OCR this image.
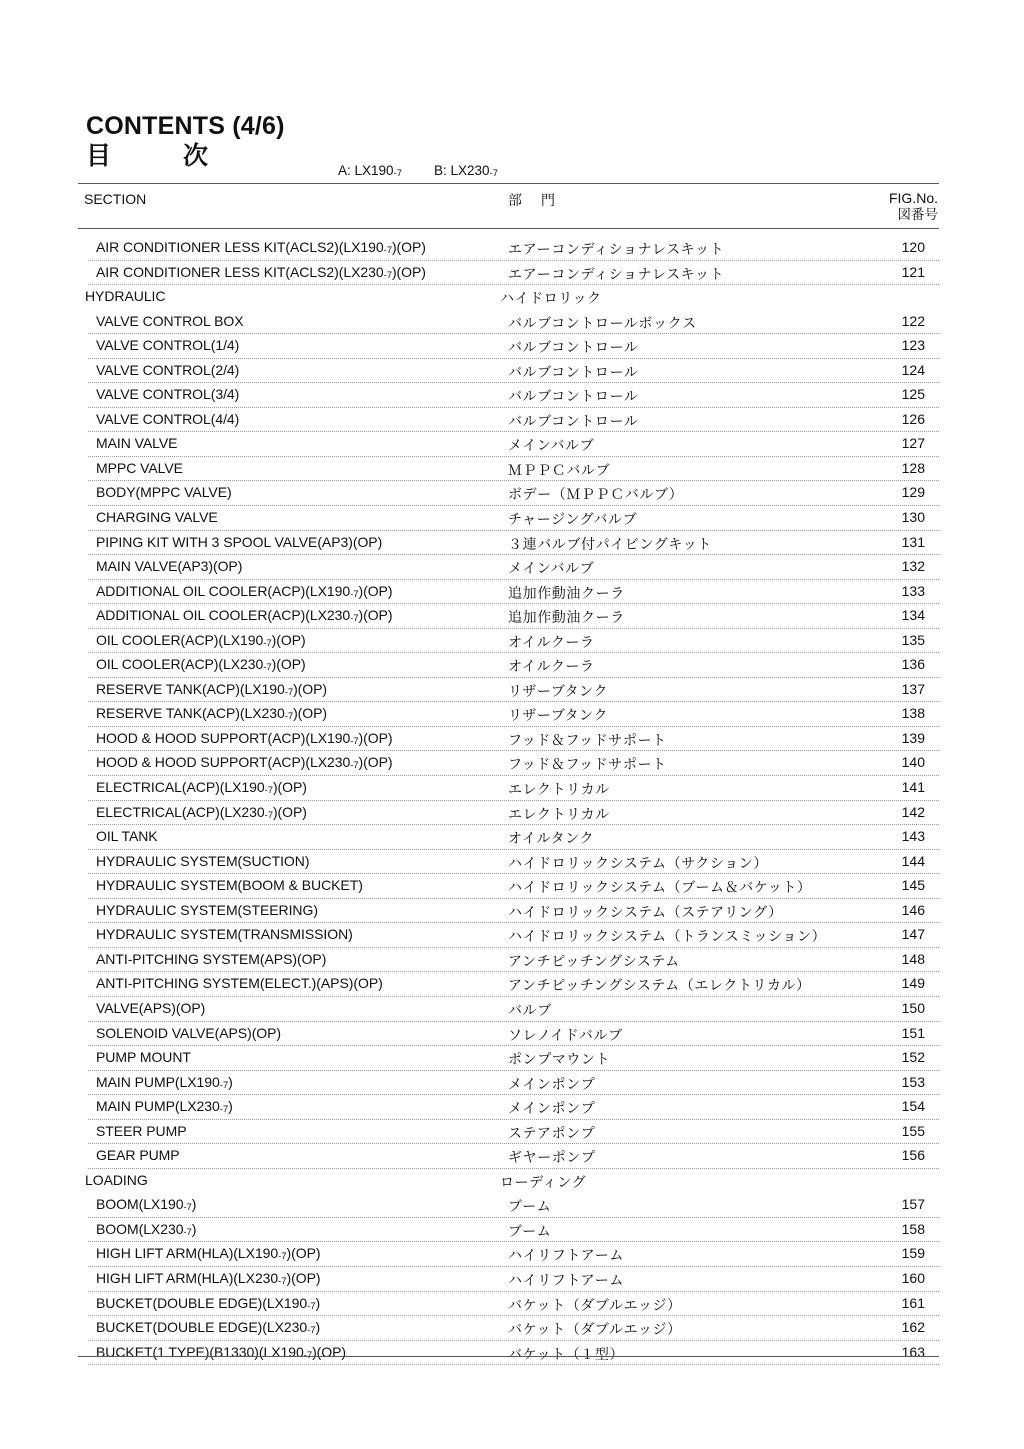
CONTENTS (4/6)
目	次
A: LX190-7 B: LX230-7
SECTION	部 門	FIG.No.
図番号
AIR CONDITIONER LESS KIT(ACLS2)(LX190-7)(OP)	エアーコンディショナレスキット	120
AIR CONDITIONER LESS KIT(ACLS2)(LX230-7)(OP)	エアーコンディショナレスキット	121
HYDRAULIC	ハイドロリック
VALVE CONTROL BOX	バルブコントロールボックス	122
VALVE CONTROL(1/4)	バルブコントロール	123
VALVE CONTROL(2/4)	バルブコントロール	124
VALVE CONTROL(3/4)	バルブコントロール	125
VALVE CONTROL(4/4)	バルブコントロール	126
MAIN VALVE	メインバルブ	127
MPPC VALVE	ＭＰＰＣバルブ	128
BODY(MPPC VALVE)	ボデー（ＭＰＰＣバルブ）	129
CHARGING VALVE	チャージングバルブ	130
PIPING KIT WITH 3 SPOOL VALVE(AP3)(OP)	３連バルブ付パイビングキット	131
MAIN VALVE(AP3)(OP)	メインバルブ	132
ADDITIONAL OIL COOLER(ACP)(LX190-7)(OP)	追加作動油クーラ	133
ADDITIONAL OIL COOLER(ACP)(LX230-7)(OP)	追加作動油クーラ	134
OIL COOLER(ACP)(LX190-7)(OP)	オイルクーラ	135
OIL COOLER(ACP)(LX230-7)(OP)	オイルクーラ	136
RESERVE TANK(ACP)(LX190-7)(OP)	リザーブタンク	137
RESERVE TANK(ACP)(LX230-7)(OP)	リザーブタンク	138
HOOD & HOOD SUPPORT(ACP)(LX190-7)(OP)	フッド＆フッドサポート	139
HOOD & HOOD SUPPORT(ACP)(LX230-7)(OP)	フッド＆フッドサポート	140
ELECTRICAL(ACP)(LX190-7)(OP)	エレクトリカル	141
ELECTRICAL(ACP)(LX230-7)(OP)	エレクトリカル	142
OIL TANK	オイルタンク	143
HYDRAULIC SYSTEM(SUCTION)	ハイドロリックシステム（サクション）	144
HYDRAULIC SYSTEM(BOOM & BUCKET)	ハイドロリックシステム（ブーム＆バケット）	145
HYDRAULIC SYSTEM(STEERING)	ハイドロリックシステム（ステアリング）	146
HYDRAULIC SYSTEM(TRANSMISSION)	ハイドロリックシステム（トランスミッション）	147
ANTI-PITCHING SYSTEM(APS)(OP)	アンチピッチングシステム	148
ANTI-PITCHING SYSTEM(ELECT.)(APS)(OP)	アンチピッチングシステム（エレクトリカル）	149
VALVE(APS)(OP)	バルブ	150
SOLENOID VALVE(APS)(OP)	ソレノイドバルブ	151
PUMP MOUNT	ポンプマウント	152
MAIN PUMP(LX190-7)	メインポンプ	153
MAIN PUMP(LX230-7)	メインポンプ	154
STEER PUMP	ステアポンプ	155
GEAR PUMP	ギヤーポンプ	156
LOADING	ローディング
BOOM(LX190-7)	ブーム	157
BOOM(LX230-7)	ブーム	158
HIGH LIFT ARM(HLA)(LX190-7)(OP)	ハイリフトアーム	159
HIGH LIFT ARM(HLA)(LX230-7)(OP)	ハイリフトアーム	160
BUCKET(DOUBLE EDGE)(LX190-7)	バケット（ダブルエッジ）	161
BUCKET(DOUBLE EDGE)(LX230-7)	バケット（ダブルエッジ）	162
BUCKET(1 TYPE)(B1330)(LX190-7)(OP)	バケット（１型）	163
